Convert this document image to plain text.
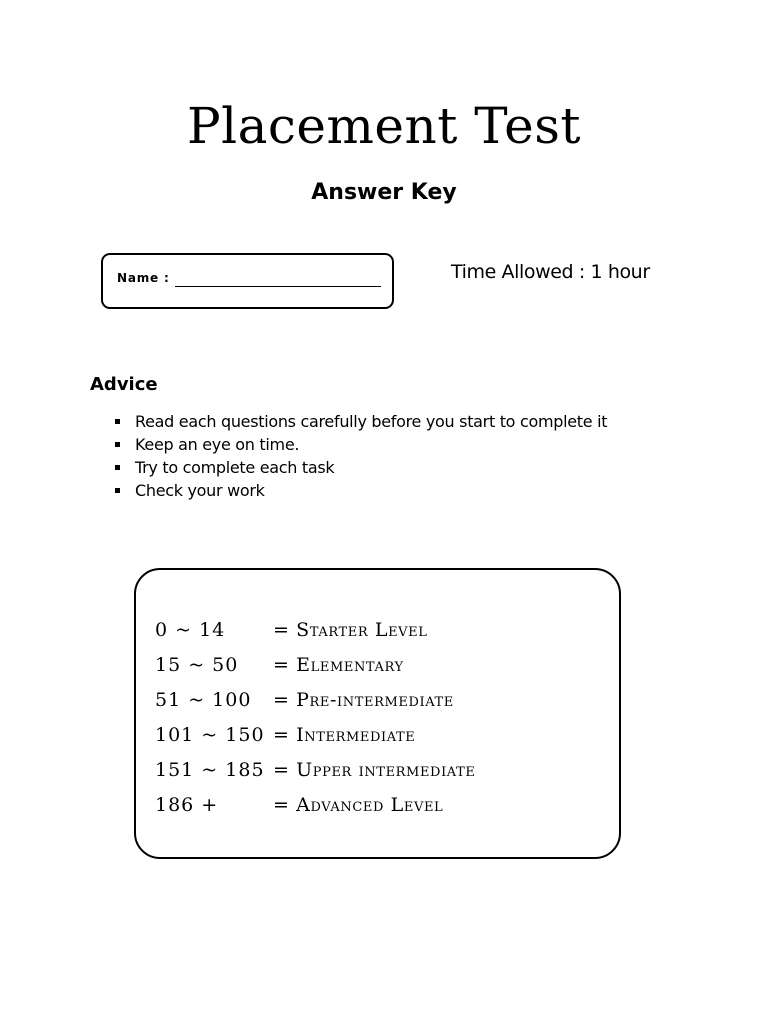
Placement Test
Answer Key
Name :	Time Allowed : 1 hour
Advice
Read each questions carefully before you start to complete it
Keep an eye on time.
Try to complete each task
Check your work
0 ~ 14	= Starter Level
15 ~ 50 = Elementary
51 ~ 100 = Pre-intermediate
101 ~ 150 = Intermediate
151 ~ 185 = Upper intermediate
186 +	= Advanced Level
